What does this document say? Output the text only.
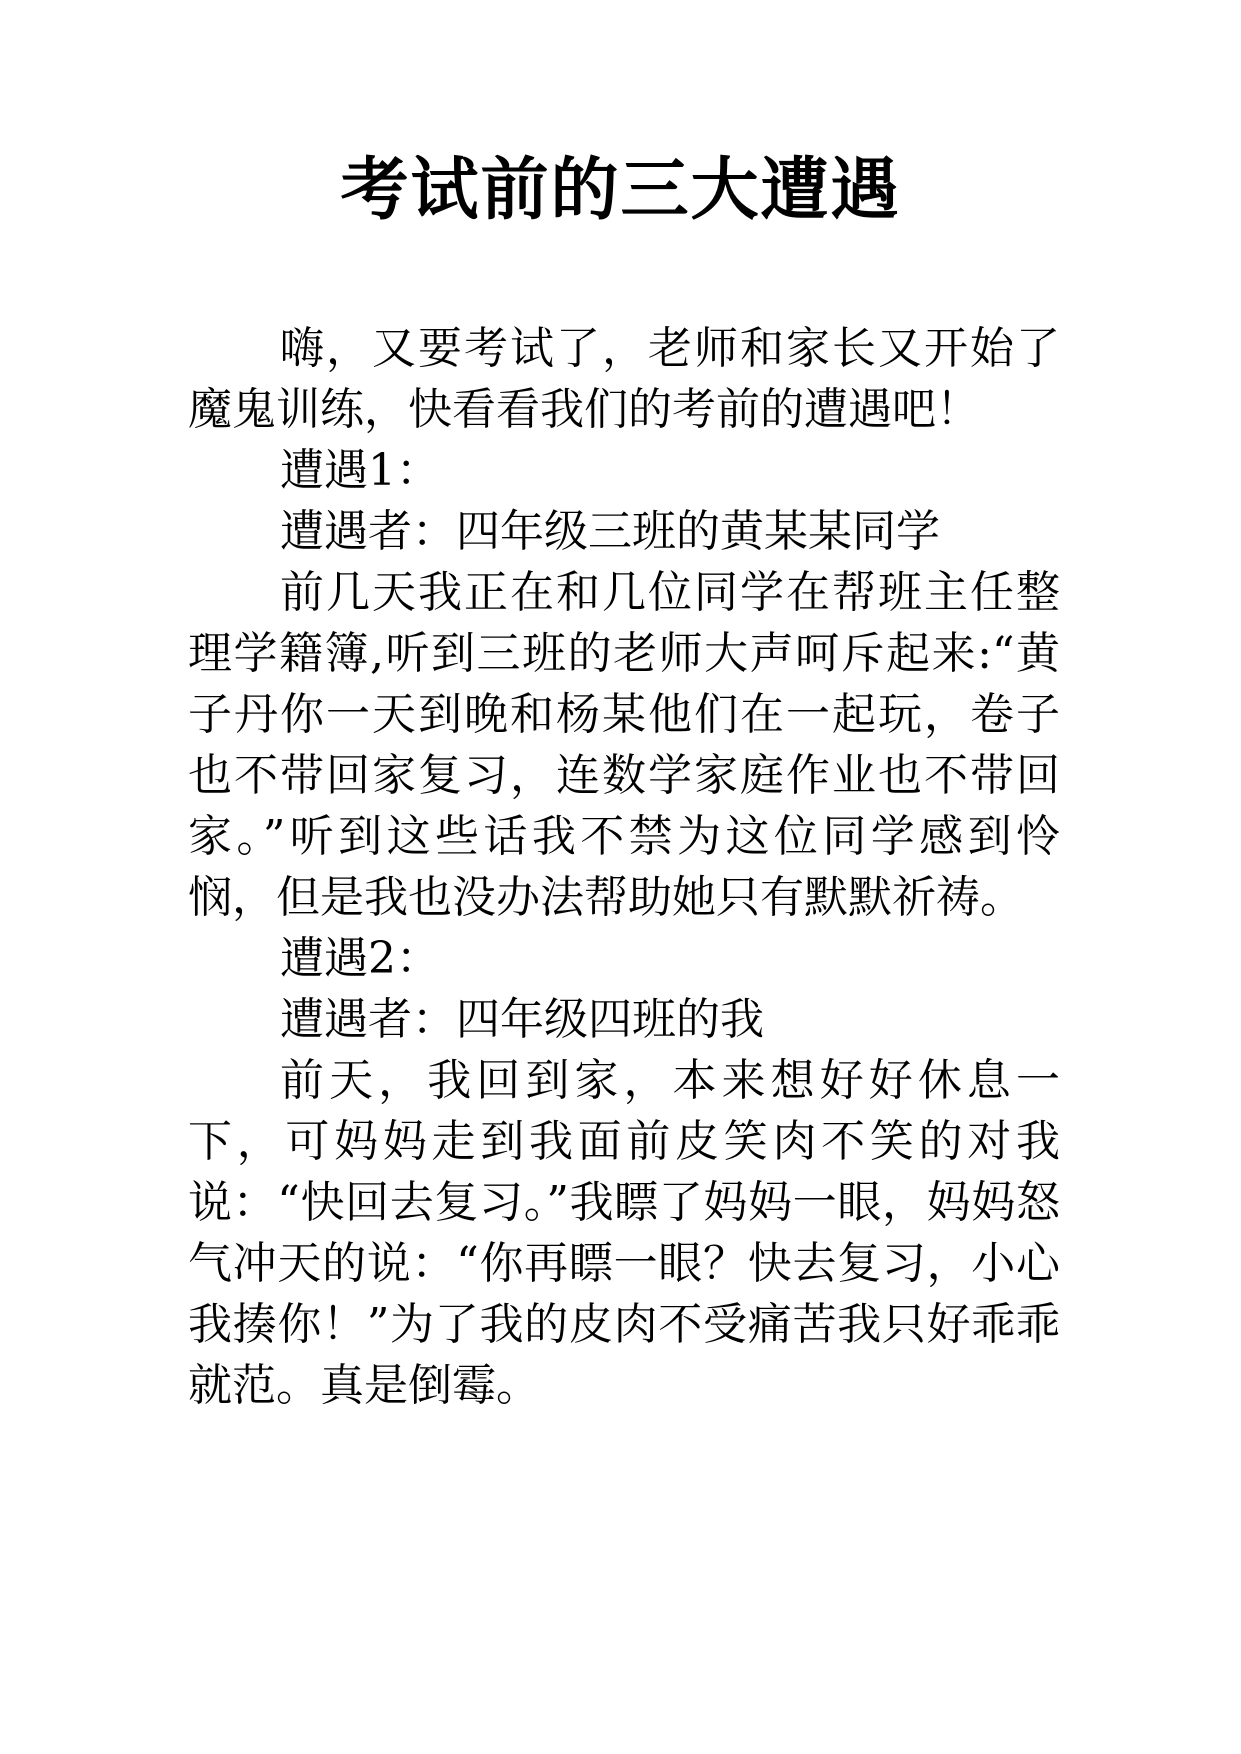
考试前的三大遭遇

嗨，又要考试了，老师和家长又开始了魔鬼训练，快看看我们的考前的遭遇吧！

遭遇1：

遭遇者：四年级三班的黄某某同学

前几天我正在和几位同学在帮班主任整理学籍簿,听到三班的老师大声呵斥起来:“黄子丹你一天到晚和杨某他们在一起玩，卷子也不带回家复习，连数学家庭作业也不带回家。”听到这些话我不禁为这位同学感到怜悯，但是我也没办法帮助她只有默默祈祷。

遭遇2：

遭遇者：四年级四班的我

前天，我回到家，本来想好好休息一下，可妈妈走到我面前皮笑肉不笑的对我说：“快回去复习。”我瞟了妈妈一眼，妈妈怒气冲天的说：“你再瞟一眼？快去复习，小心我揍你！”为了我的皮肉不受痛苦我只好乖乖就范。真是倒霉。
